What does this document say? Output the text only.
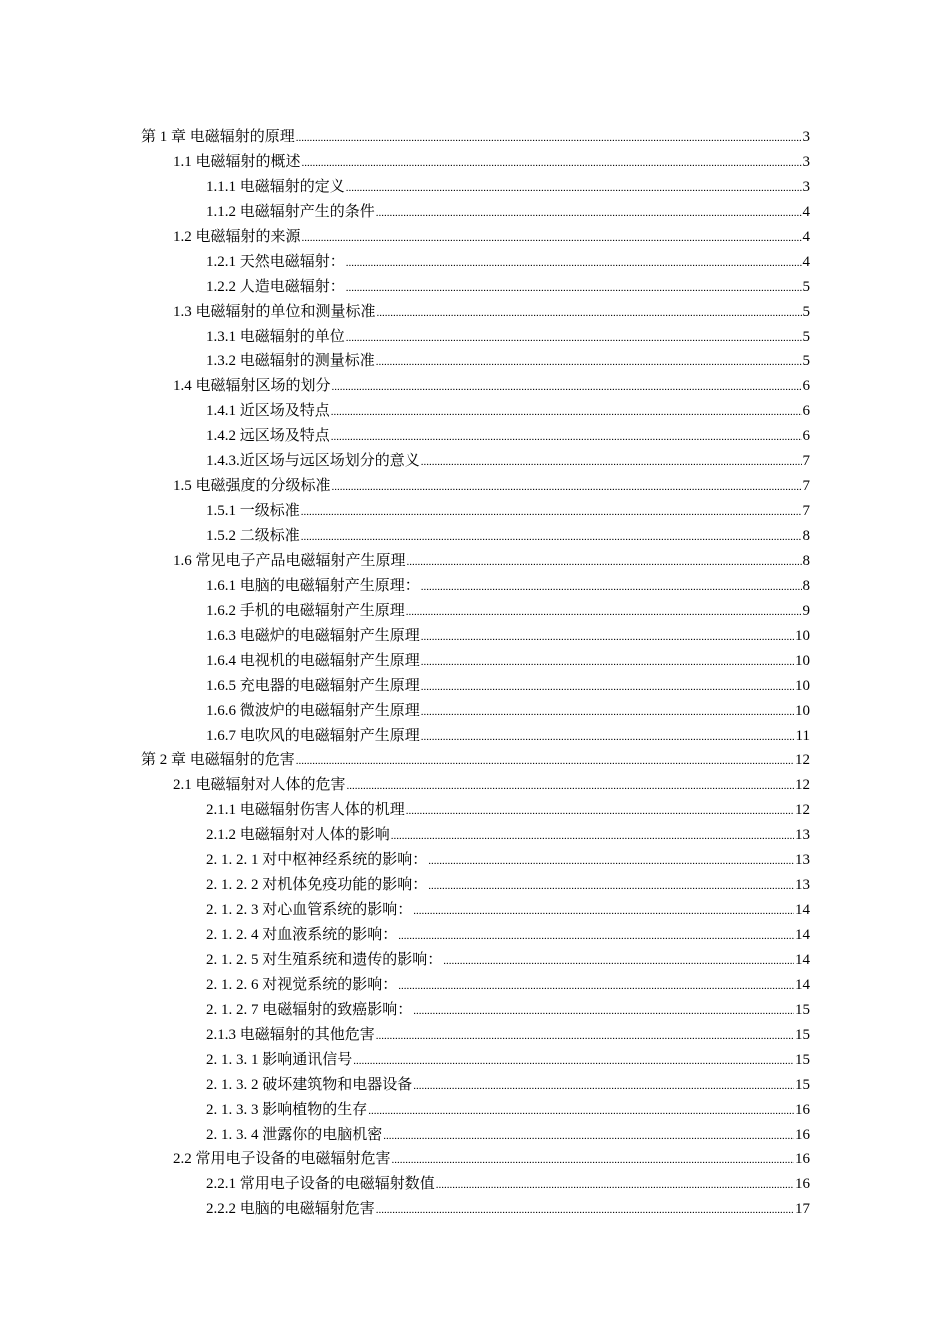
第 1 章 电磁辐射的原理 .....	3
1.1 电磁辐射的概述 .....	3
1.1.1 电磁辐射的定义 .....	3
1.1.2 电磁辐射产生的条件 .....	4
1.2 电磁辐射的来源 .....	4
1.2.1 天然电磁辐射： .....	4
1.2.2 人造电磁辐射： .....	5
1.3 电磁辐射的单位和测量标准 .....	5
1.3.1 电磁辐射的单位 .....	5
1.3.2 电磁辐射的测量标准 .....	5
1.4 电磁辐射区场的划分 .....	6
1.4.1 近区场及特点 .....	6
1.4.2 远区场及特点 .....	6
1.4.3.近区场与远区场划分的意义 .....	7
1.5 电磁强度的分级标准 .....	7
1.5.1 一级标准 .....	7
1.5.2 二级标准 .....	8
1.6 常见电子产品电磁辐射产生原理 .....	8
1.6.1 电脑的电磁辐射产生原理： .....	8
1.6.2 手机的电磁辐射产生原理 .....	9
1.6.3 电磁炉的电磁辐射产生原理 .....	10
1.6.4 电视机的电磁辐射产生原理 .....	10
1.6.5 充电器的电磁辐射产生原理 .....	10
1.6.6 微波炉的电磁辐射产生原理 .....	10
1.6.7 电吹风的电磁辐射产生原理 .....	11
第 2 章 电磁辐射的危害 .....	12
2.1 电磁辐射对人体的危害 .....	12
2.1.1 电磁辐射伤害人体的机理 .....	12
2.1.2 电磁辐射对人体的影响 .....	13
2. 1. 2. 1 对中枢神经系统的影响： .....	13
2. 1. 2. 2 对机体免疫功能的影响： .....	13
2. 1. 2. 3 对心血管系统的影响： .....	14
2. 1. 2. 4 对血液系统的影响： .....	14
2. 1. 2. 5 对生殖系统和遗传的影响： .....	14
2. 1. 2. 6 对视觉系统的影响： .....	14
2. 1. 2. 7 电磁辐射的致癌影响： .....	15
2.1.3 电磁辐射的其他危害 .....	15
2. 1. 3. 1 影响通讯信号 .....	15
2. 1. 3. 2 破坏建筑物和电器设备 .....	15
2. 1. 3. 3 影响植物的生存 .....	16
2. 1. 3. 4 泄露你的电脑机密 .....	16
2.2 常用电子设备的电磁辐射危害 .....	16
2.2.1 常用电子设备的电磁辐射数值 .....	16
2.2.2 电脑的电磁辐射危害 .....	17
